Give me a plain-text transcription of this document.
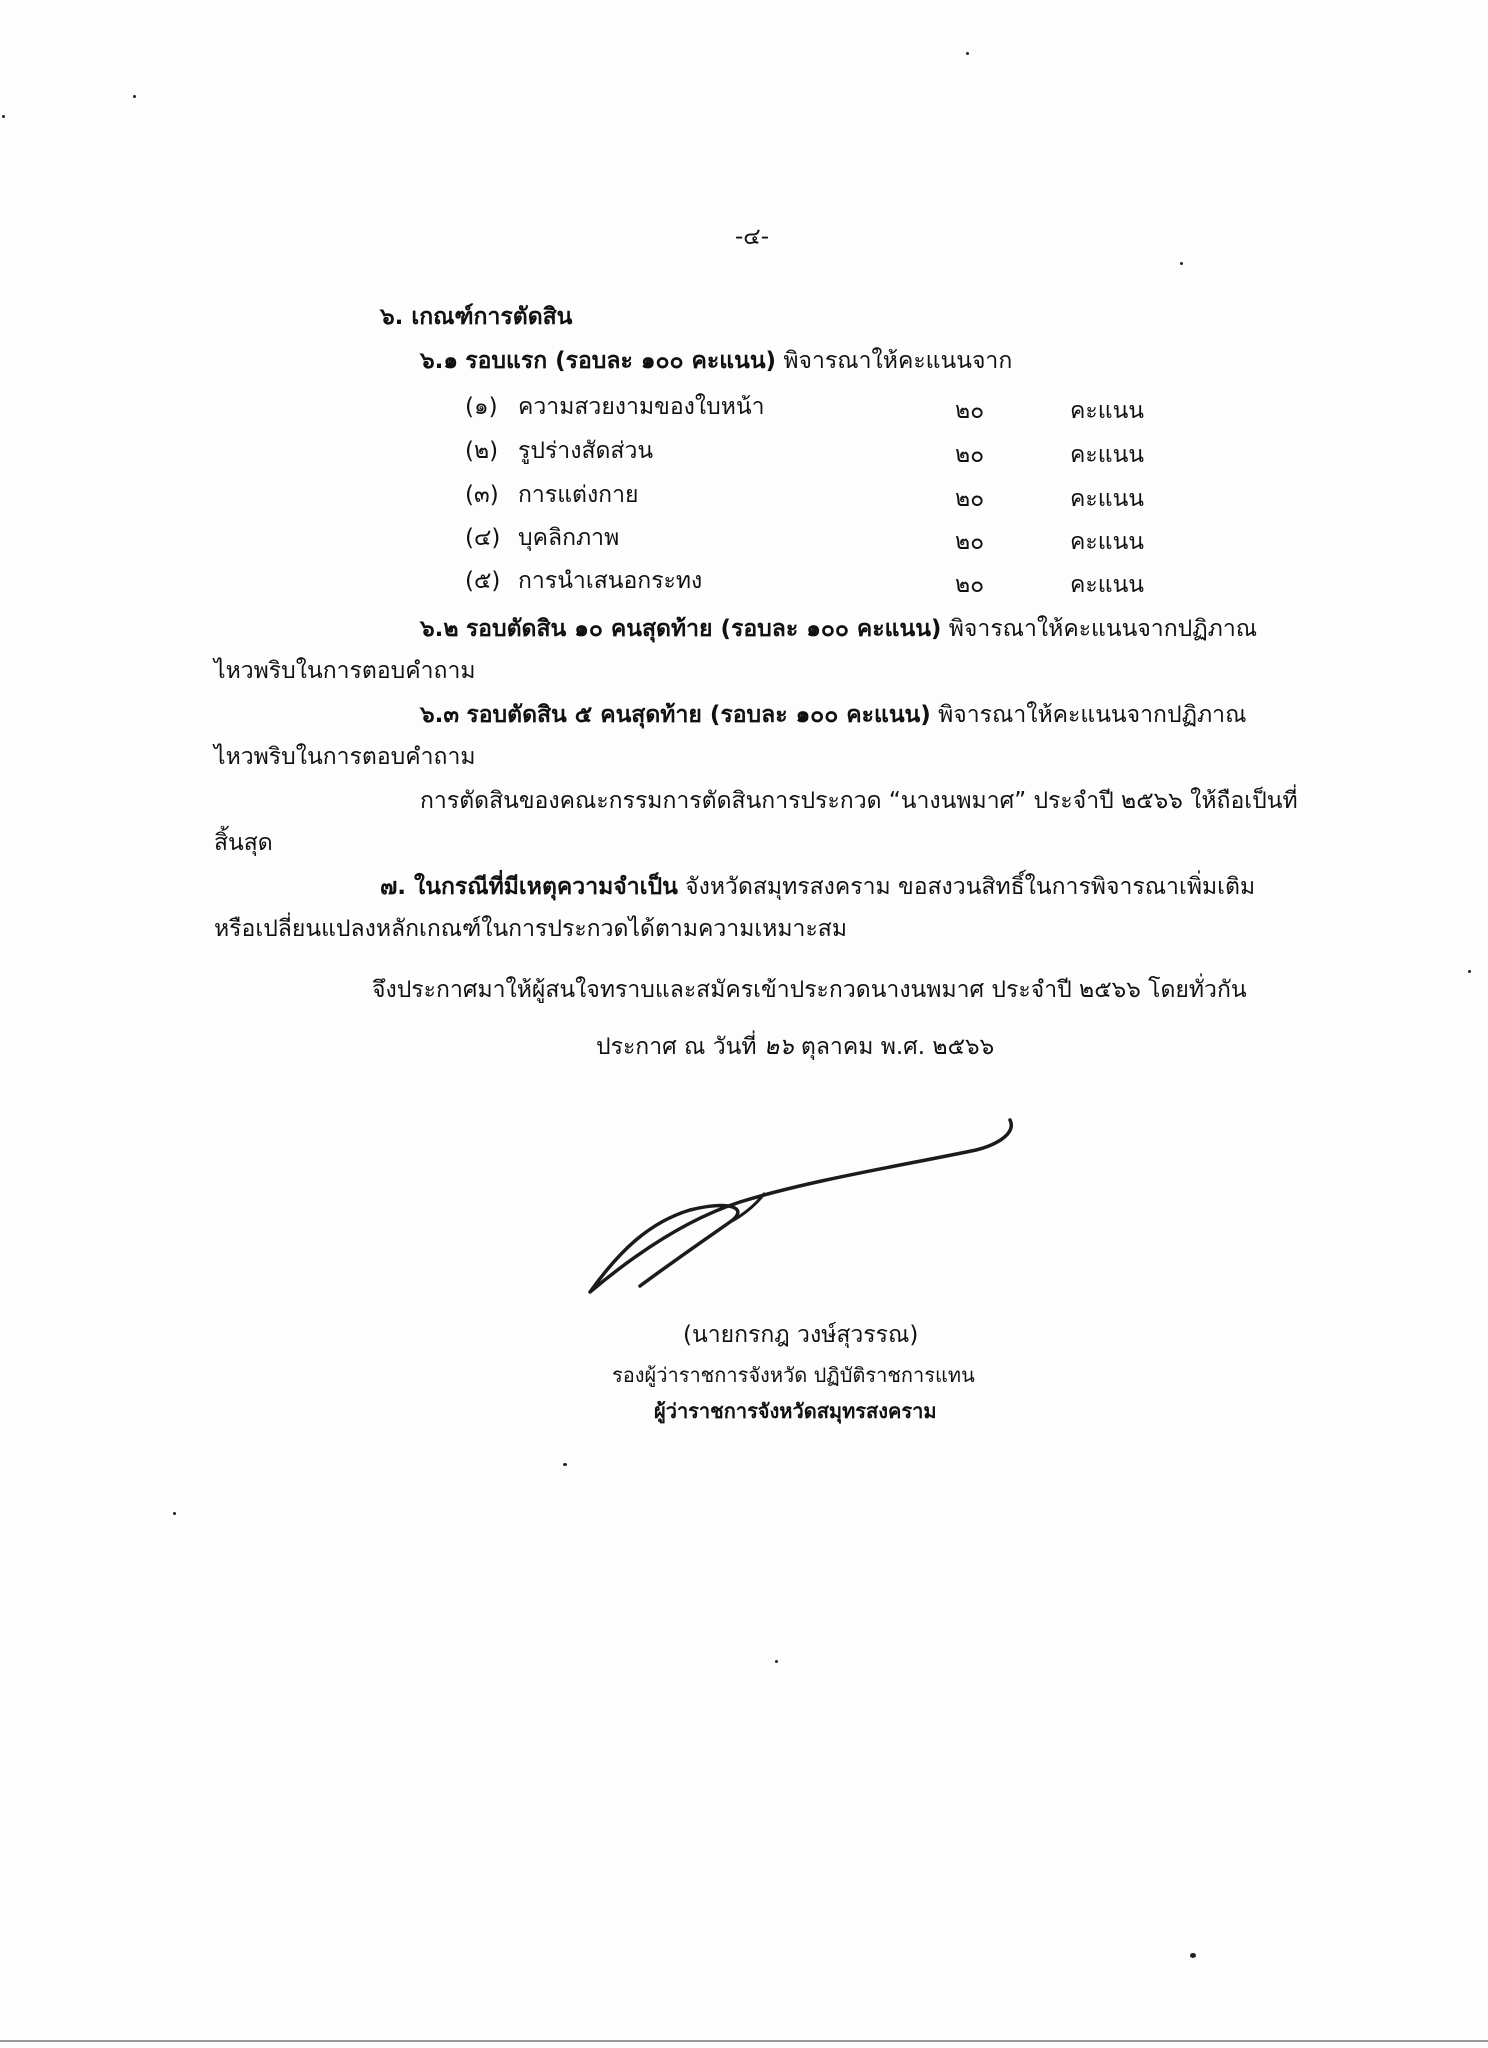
-๔-
๖. เกณฑ์การตัดสิน
๖.๑ รอบแรก (รอบละ ๑๐๐ คะแนน) พิจารณาให้คะแนนจาก
(๑) ความสวยงามของใบหน้า	๒๐	คะแนน
(๒) รูปร่างสัดส่วน	๒๐	คะแนน
(๓) การแต่งกาย	๒๐	คะแนน
(๔) บุคลิกภาพ	๒๐	คะแนน
(๕) การนำเสนอกระทง	๒๐	คะแนน
๖.๒ รอบตัดสิน ๑๐ คนสุดท้าย (รอบละ ๑๐๐ คะแนน) พิจารณาให้คะแนนจากปฏิภาณ
ไหวพริบในการตอบคำถาม
๖.๓ รอบตัดสิน ๕ คนสุดท้าย (รอบละ ๑๐๐ คะแนน) พิจารณาให้คะแนนจากปฏิภาณ
ไหวพริบในการตอบคำถาม
การตัดสินของคณะกรรมการตัดสินการประกวด “นางนพมาศ” ประจำปี ๒๕๖๖ ให้ถือเป็นที่
สิ้นสุด
๗. ในกรณีที่มีเหตุความจำเป็น จังหวัดสมุทรสงคราม ขอสงวนสิทธิ์ในการพิจารณาเพิ่มเติม
หรือเปลี่ยนแปลงหลักเกณฑ์ในการประกวดได้ตามความเหมาะสม
จึงประกาศมาให้ผู้สนใจทราบและสมัครเข้าประกวดนางนพมาศ ประจำปี ๒๕๖๖ โดยทั่วกัน
ประกาศ ณ วันที่ ๒๖ ตุลาคม พ.ศ. ๒๕๖๖
(นายกรกฎ วงษ์สุวรรณ)
รองผู้ว่าราชการจังหวัด ปฏิบัติราชการแทน
ผู้ว่าราชการจังหวัดสมุทรสงคราม
